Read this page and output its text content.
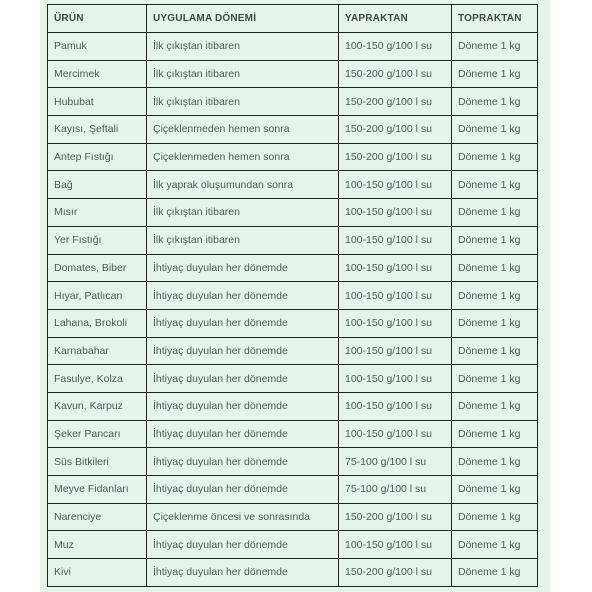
ÜRÜN	UYGULAMA DÖNEMİ	YAPRAKTAN	TOPRAKTAN
Pamuk	İlk çıkıştan itibaren	100-150 g/100 l su	Döneme 1 kg
Mercimek	İlk çıkıştan itibaren	150-200 g/100 l su	Döneme 1 kg
Hububat	İlk çıkıştan itibaren	150-200 g/100 l su	Döneme 1 kg
Kayısı, Şeftali	Çiçeklenmeden hemen sonra	150-200 g/100 l su	Döneme 1 kg
Antep Fıstığı	Çiçeklenmeden hemen sonra	150-200 g/100 l su	Döneme 1 kg
Bağ	İlk yaprak oluşumundan sonra	100-150 g/100 l su	Döneme 1 kg
Mısır	İlk çıkıştan itibaren	100-150 g/100 l su	Döneme 1 kg
Yer Fıstığı	İlk çıkıştan itibaren	100-150 g/100 l su	Döneme 1 kg
Domates, Biber	İhtiyaç duyulan her dönemde	100-150 g/100 l su	Döneme 1 kg
Hıyar, Patlıcan	İhtiyaç duyulan her dönemde	100-150 g/100 l su	Döneme 1 kg
Lahana, Brokoli	İhtiyaç duyulan her dönemde	100-150 g/100 l su	Döneme 1 kg
Karnabahar	İhtiyaç duyulan her dönemde	100-150 g/100 l su	Döneme 1 kg
Fasulye, Kolza	İhtiyaç duyulan her dönemde	100-150 g/100 l su	Döneme 1 kg
Kavun, Karpuz	İhtiyaç duyulan her dönemde	100-150 g/100 l su	Döneme 1 kg
Şeker Pancarı	İhtiyaç duyulan her dönemde	100-150 g/100 l su	Döneme 1 kg
Süs Bitkileri	İhtiyaç duyulan her dönemde	75-100 g/100 l su	Döneme 1 kg
Meyve Fidanları	İhtiyaç duyulan her dönemde	75-100 g/100 l su	Döneme 1 kg
Narenciye	Çiçeklenme öncesi ve sonrasında	150-200 g/100 l su	Döneme 1 kg
Muz	İhtiyaç duyulan her dönemde	100-150 g/100 l su	Döneme 1 kg
Kivi	İhtiyaç duyulan her dönemde	150-200 g/100 l su	Döneme 1 kg
